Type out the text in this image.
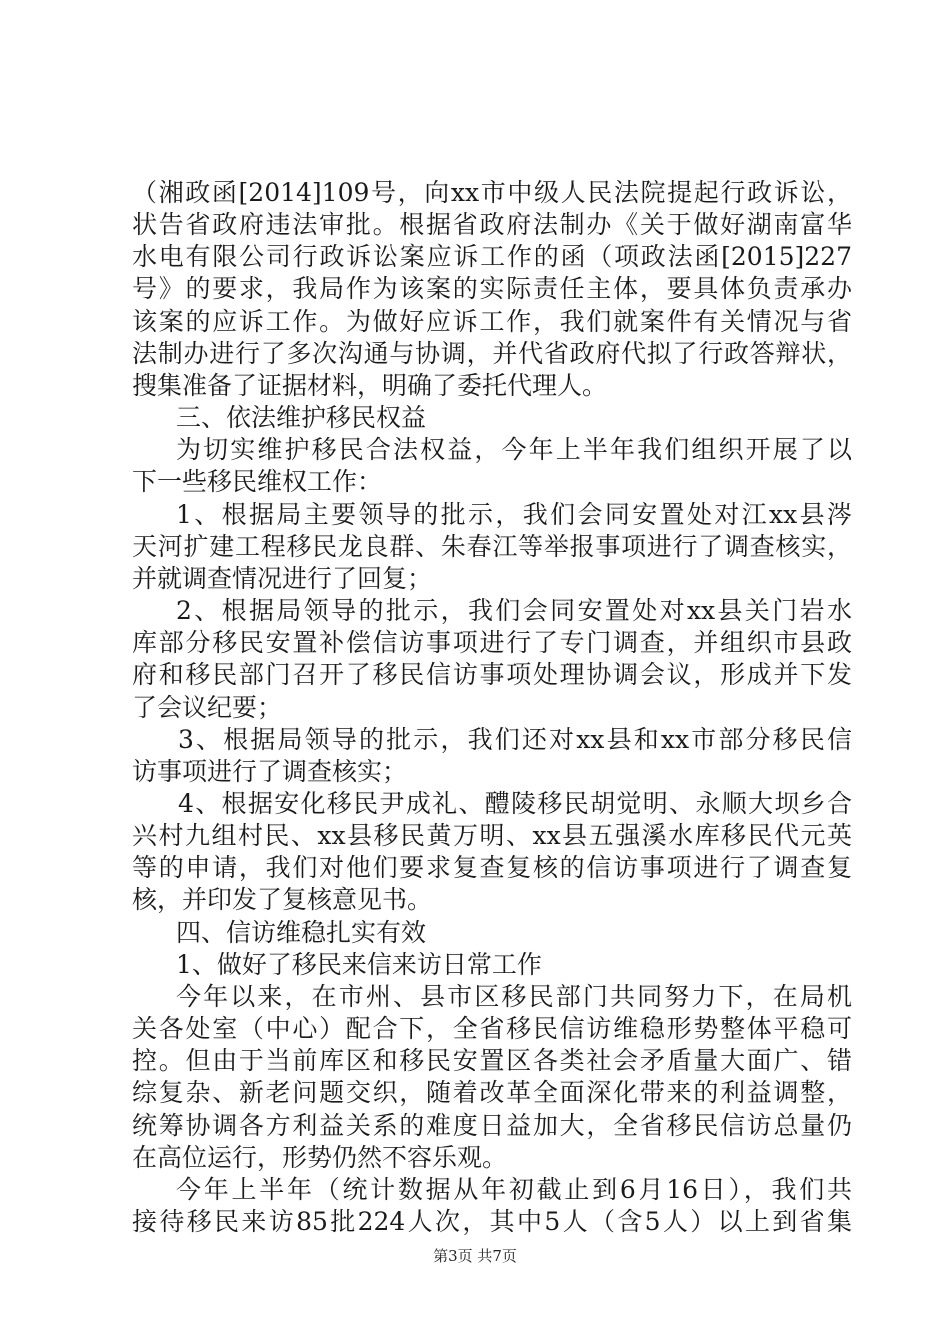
（湘政函[2014]109号，向xx市中级人民法院提起行政诉讼，
状告省政府违法审批。根据省政府法制办《关于做好湖南富华
水电有限公司行政诉讼案应诉工作的函（项政法函[2015]227
号》的要求，我局作为该案的实际责任主体，要具体负责承办
该案的应诉工作。为做好应诉工作，我们就案件有关情况与省
法制办进行了多次沟通与协调，并代省政府代拟了行政答辩状，
搜集准备了证据材料，明确了委托代理人。
三、依法维护移民权益
为切实维护移民合法权益，今年上半年我们组织开展了以
下一些移民维权工作：
1、根据局主要领导的批示，我们会同安置处对江xx县涔
天河扩建工程移民龙良群、朱春江等举报事项进行了调查核实，
并就调查情况进行了回复；
2、根据局领导的批示，我们会同安置处对xx县关门岩水
库部分移民安置补偿信访事项进行了专门调查，并组织市县政
府和移民部门召开了移民信访事项处理协调会议，形成并下发
了会议纪要；
3、根据局领导的批示，我们还对xx县和xx市部分移民信
访事项进行了调查核实；
4、根据安化移民尹成礼、醴陵移民胡觉明、永顺大坝乡合
兴村九组村民、xx县移民黄万明、xx县五强溪水库移民代元英
等的申请，我们对他们要求复查复核的信访事项进行了调查复
核，并印发了复核意见书。
四、信访维稳扎实有效
1、做好了移民来信来访日常工作
今年以来，在市州、县市区移民部门共同努力下，在局机
关各处室（中心）配合下，全省移民信访维稳形势整体平稳可
控。但由于当前库区和移民安置区各类社会矛盾量大面广、错
综复杂、新老问题交织，随着改革全面深化带来的利益调整，
统筹协调各方利益关系的难度日益加大，全省移民信访总量仍
在高位运行，形势仍然不容乐观。
今年上半年（统计数据从年初截止到6月16日），我们共
接待移民来访85批224人次，其中5人（含5人）以上到省集
第3页 共7页
